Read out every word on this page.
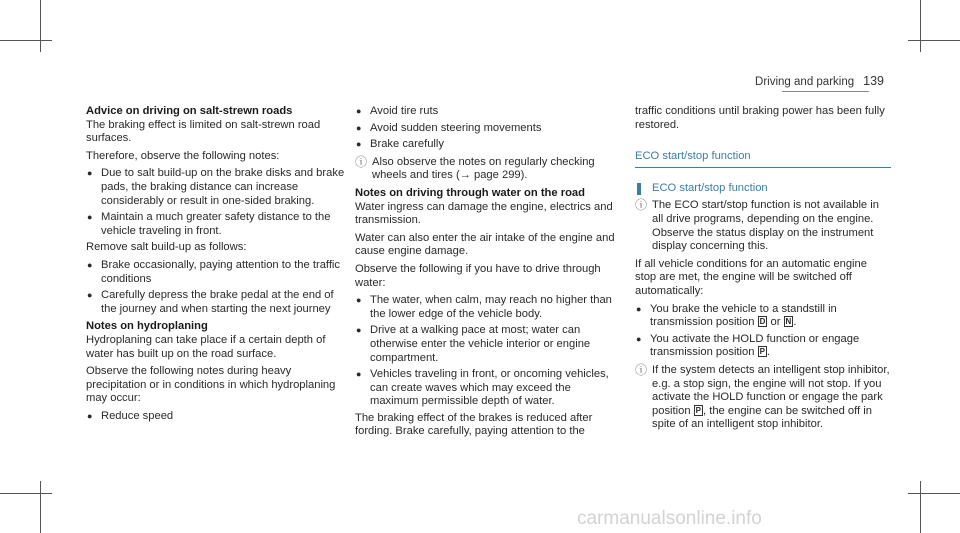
Driving and parking 139

Advice on driving on salt-strewn roads

The braking effect is limited on salt-strewn road surfaces.

Therefore, observe the following notes:

● Due to salt build-up on the brake disks and brake pads, the braking distance can increase considerably or result in one-sided braking.
● Maintain a much greater safety distance to the vehicle traveling in front.

Remove salt build-up as follows:

● Brake occasionally, paying attention to the traffic conditions
● Carefully depress the brake pedal at the end of the journey and when starting the next journey

Notes on hydroplaning

Hydroplaning can take place if a certain depth of water has built up on the road surface.

Observe the following notes during heavy precipitation or in conditions in which hydroplaning may occur:

● Reduce speed
● Avoid tire ruts
● Avoid sudden steering movements
● Brake carefully
ⓘ Also observe the notes on regularly checking wheels and tires (→ page 299).

Notes on driving through water on the road

Water ingress can damage the engine, electrics and transmission.

Water can also enter the air intake of the engine and cause engine damage.

Observe the following if you have to drive through water:

● The water, when calm, may reach no higher than the lower edge of the vehicle body.
● Drive at a walking pace at most; water can otherwise enter the vehicle interior or engine compartment.
● Vehicles traveling in front, or oncoming vehicles, can create waves which may exceed the maximum permissible depth of water.

The braking effect of the brakes is reduced after fording. Brake carefully, paying attention to the

traffic conditions until braking power has been fully restored.

ECO start/stop function

ECO start/stop function

ⓘ The ECO start/stop function is not available in all drive programs, depending on the engine. Observe the status display on the instrument display concerning this.

If all vehicle conditions for an automatic engine stop are met, the engine will be switched off automatically:

● You brake the vehicle to a standstill in transmission position D or N .
● You activate the HOLD function or engage transmission position P .
ⓘ If the system detects an intelligent stop inhibitor, e.g. a stop sign, the engine will not stop. If you activate the HOLD function or engage the park position P , the engine can be switched off in spite of an intelligent stop inhibitor.
carmanualsonline.info
